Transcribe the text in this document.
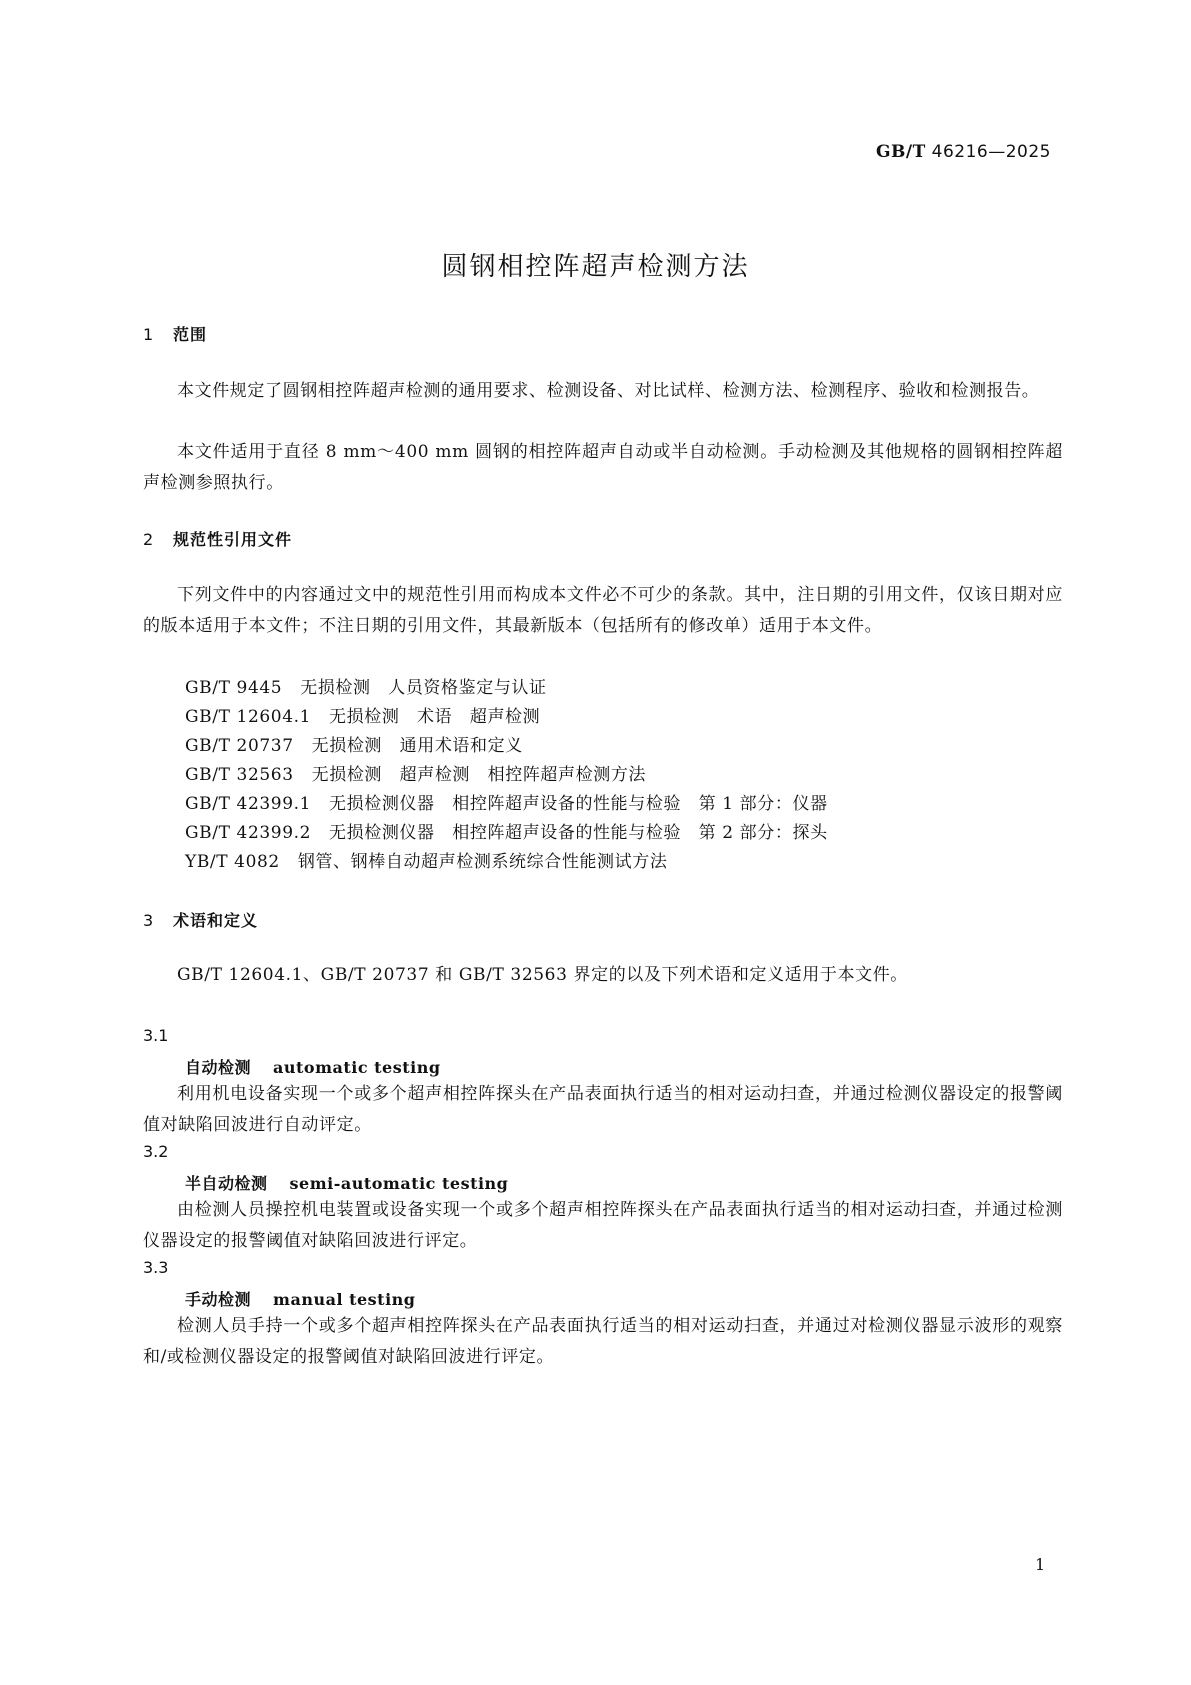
GB/T 46216—2025
圆钢相控阵超声检测方法
1 范围
本文件规定了圆钢相控阵超声检测的通用要求、检测设备、对比试样、检测方法、检测程序、验收和检测报告。
本文件适用于直径 8 mm～400 mm 圆钢的相控阵超声自动或半自动检测。手动检测及其他规格的圆钢相控阵超声检测参照执行。
2 规范性引用文件
下列文件中的内容通过文中的规范性引用而构成本文件必不可少的条款。其中，注日期的引用文件，仅该日期对应的版本适用于本文件；不注日期的引用文件，其最新版本（包括所有的修改单）适用于本文件。
GB/T 9445 无损检测　人员资格鉴定与认证
GB/T 12604.1 无损检测　术语　超声检测
GB/T 20737 无损检测　通用术语和定义
GB/T 32563 无损检测　超声检测　相控阵超声检测方法
GB/T 42399.1 无损检测仪器　相控阵超声设备的性能与检验　第 1 部分：仪器
GB/T 42399.2 无损检测仪器　相控阵超声设备的性能与检验　第 2 部分：探头
YB/T 4082 钢管、钢棒自动超声检测系统综合性能测试方法
3 术语和定义
GB/T 12604.1、GB/T 20737 和 GB/T 32563 界定的以及下列术语和定义适用于本文件。
3.1
自动检测 automatic testing
利用机电设备实现一个或多个超声相控阵探头在产品表面执行适当的相对运动扫查，并通过检测仪器设定的报警阈值对缺陷回波进行自动评定。
3.2
半自动检测 semi-automatic testing
由检测人员操控机电装置或设备实现一个或多个超声相控阵探头在产品表面执行适当的相对运动扫查，并通过检测仪器设定的报警阈值对缺陷回波进行评定。
3.3
手动检测 manual testing
检测人员手持一个或多个超声相控阵探头在产品表面执行适当的相对运动扫查，并通过对检测仪器显示波形的观察和/或检测仪器设定的报警阈值对缺陷回波进行评定。
1
